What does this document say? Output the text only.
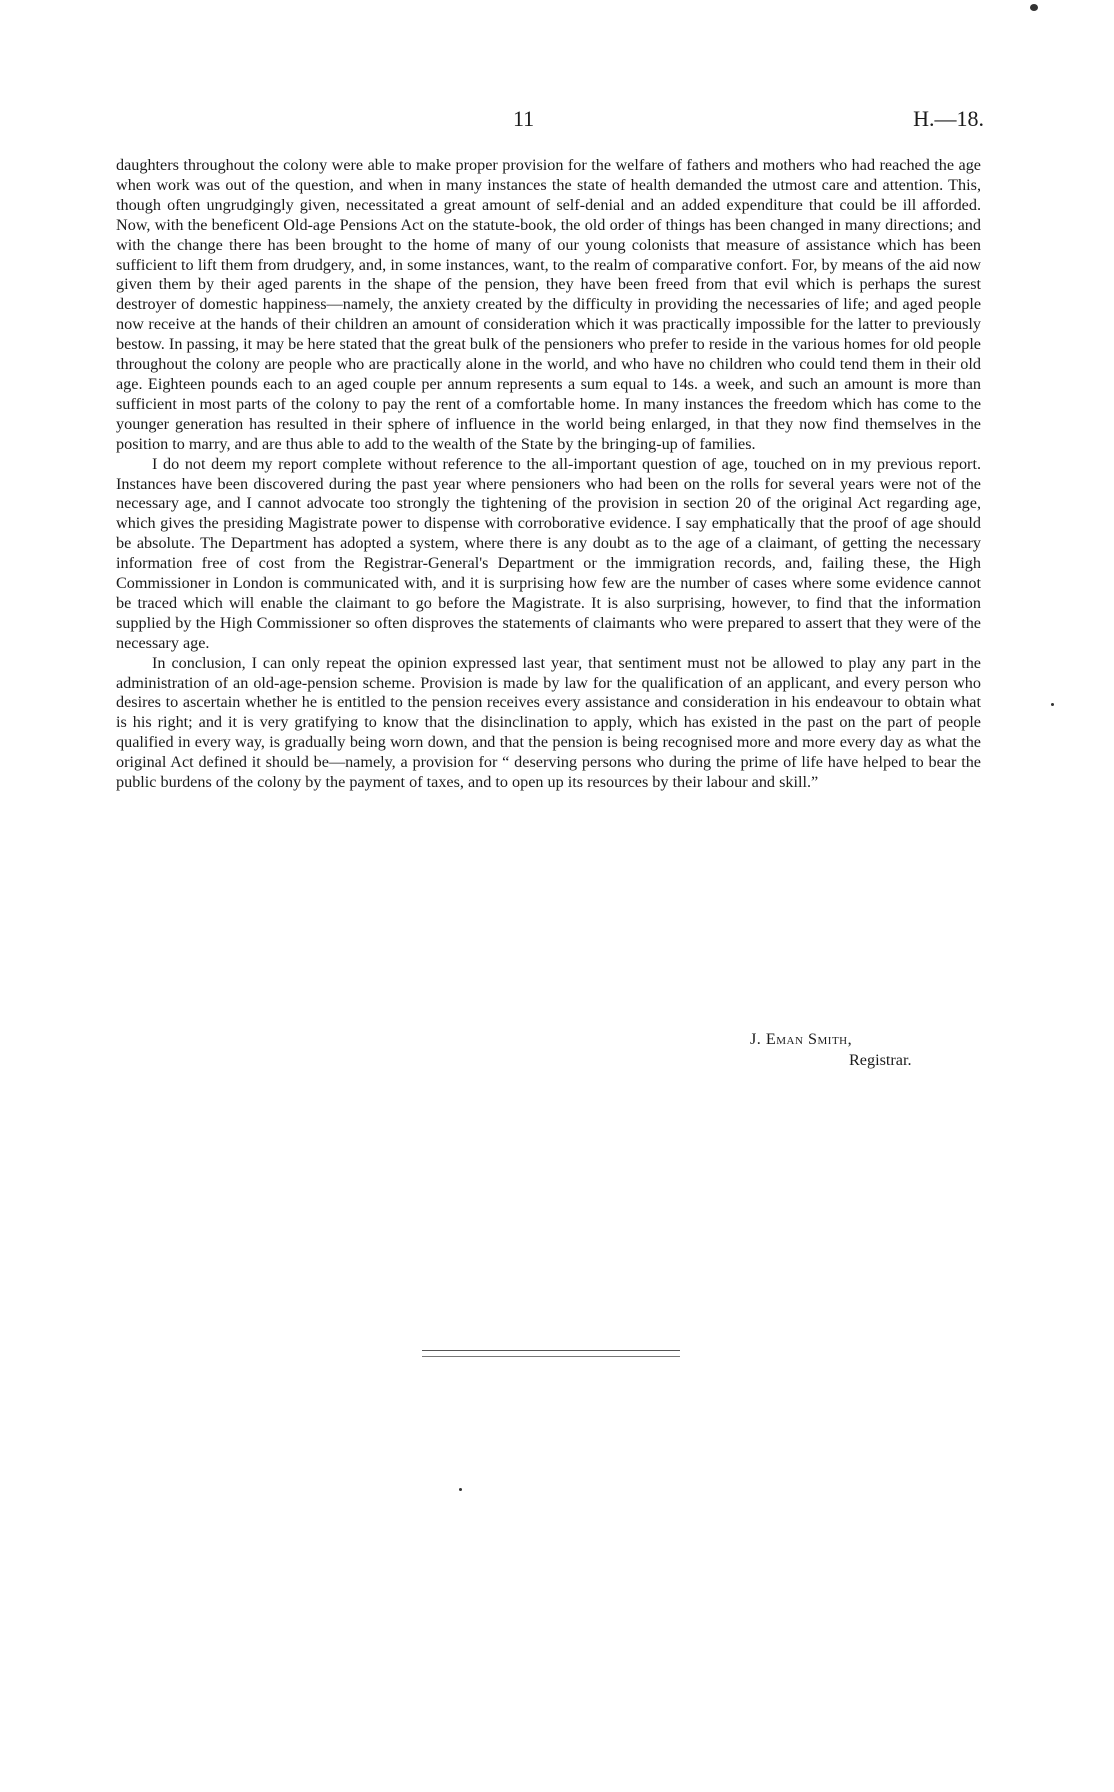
11	H.—18.

daughters throughout the colony were able to make proper provision for the welfare of fathers and mothers who had reached the age when work was out of the question, and when in many instances the state of health demanded the utmost care and attention. This, though often ungrudgingly given, necessitated a great amount of self-denial and an added expenditure that could be ill afforded. Now, with the beneficent Old-age Pensions Act on the statute-book, the old order of things has been changed in many directions; and with the change there has been brought to the home of many of our young colonists that measure of assistance which has been sufficient to lift them from drudgery, and, in some instances, want, to the realm of comparative confort. For, by means of the aid now given them by their aged parents in the shape of the pension, they have been freed from that evil which is perhaps the surest destroyer of domestic happiness—namely, the anxiety created by the difficulty in providing the necessaries of life; and aged people now receive at the hands of their children an amount of consideration which it was practically impossible for the latter to previously bestow. In passing, it may be here stated that the great bulk of the pensioners who prefer to reside in the various homes for old people throughout the colony are people who are practically alone in the world, and who have no children who could tend them in their old age. Eighteen pounds each to an aged couple per annum represents a sum equal to 14s. a week, and such an amount is more than sufficient in most parts of the colony to pay the rent of a comfortable home. In many instances the freedom which has come to the younger generation has resulted in their sphere of influence in the world being enlarged, in that they now find themselves in the position to marry, and are thus able to add to the wealth of the State by the bringing-up of families.

I do not deem my report complete without reference to the all-important question of age, touched on in my previous report. Instances have been discovered during the past year where pensioners who had been on the rolls for several years were not of the necessary age, and I cannot advocate too strongly the tightening of the provision in section 20 of the original Act regarding age, which gives the presiding Magistrate power to dispense with corroborative evidence. I say emphatically that the proof of age should be absolute. The Department has adopted a system, where there is any doubt as to the age of a claimant, of getting the necessary information free of cost from the Registrar-General's Department or the immigration records, and, failing these, the High Commissioner in London is communicated with, and it is surprising how few are the number of cases where some evidence cannot be traced which will enable the claimant to go before the Magistrate. It is also surprising, however, to find that the information supplied by the High Commissioner so often disproves the statements of claimants who were prepared to assert that they were of the necessary age.

In conclusion, I can only repeat the opinion expressed last year, that sentiment must not be allowed to play any part in the administration of an old-age-pension scheme. Provision is made by law for the qualification of an applicant, and every person who desires to ascertain whether he is entitled to the pension receives every assistance and consideration in his endeavour to obtain what is his right; and it is very gratifying to know that the disinclination to apply, which has existed in the past on the part of people qualified in every way, is gradually being worn down, and that the pension is being recognised more and more every day as what the original Act defined it should be—namely, a provision for “ deserving persons who during the prime of life have helped to bear the public burdens of the colony by the payment of taxes, and to open up its resources by their labour and skill.”

J. Eman Smith,
Registrar.
